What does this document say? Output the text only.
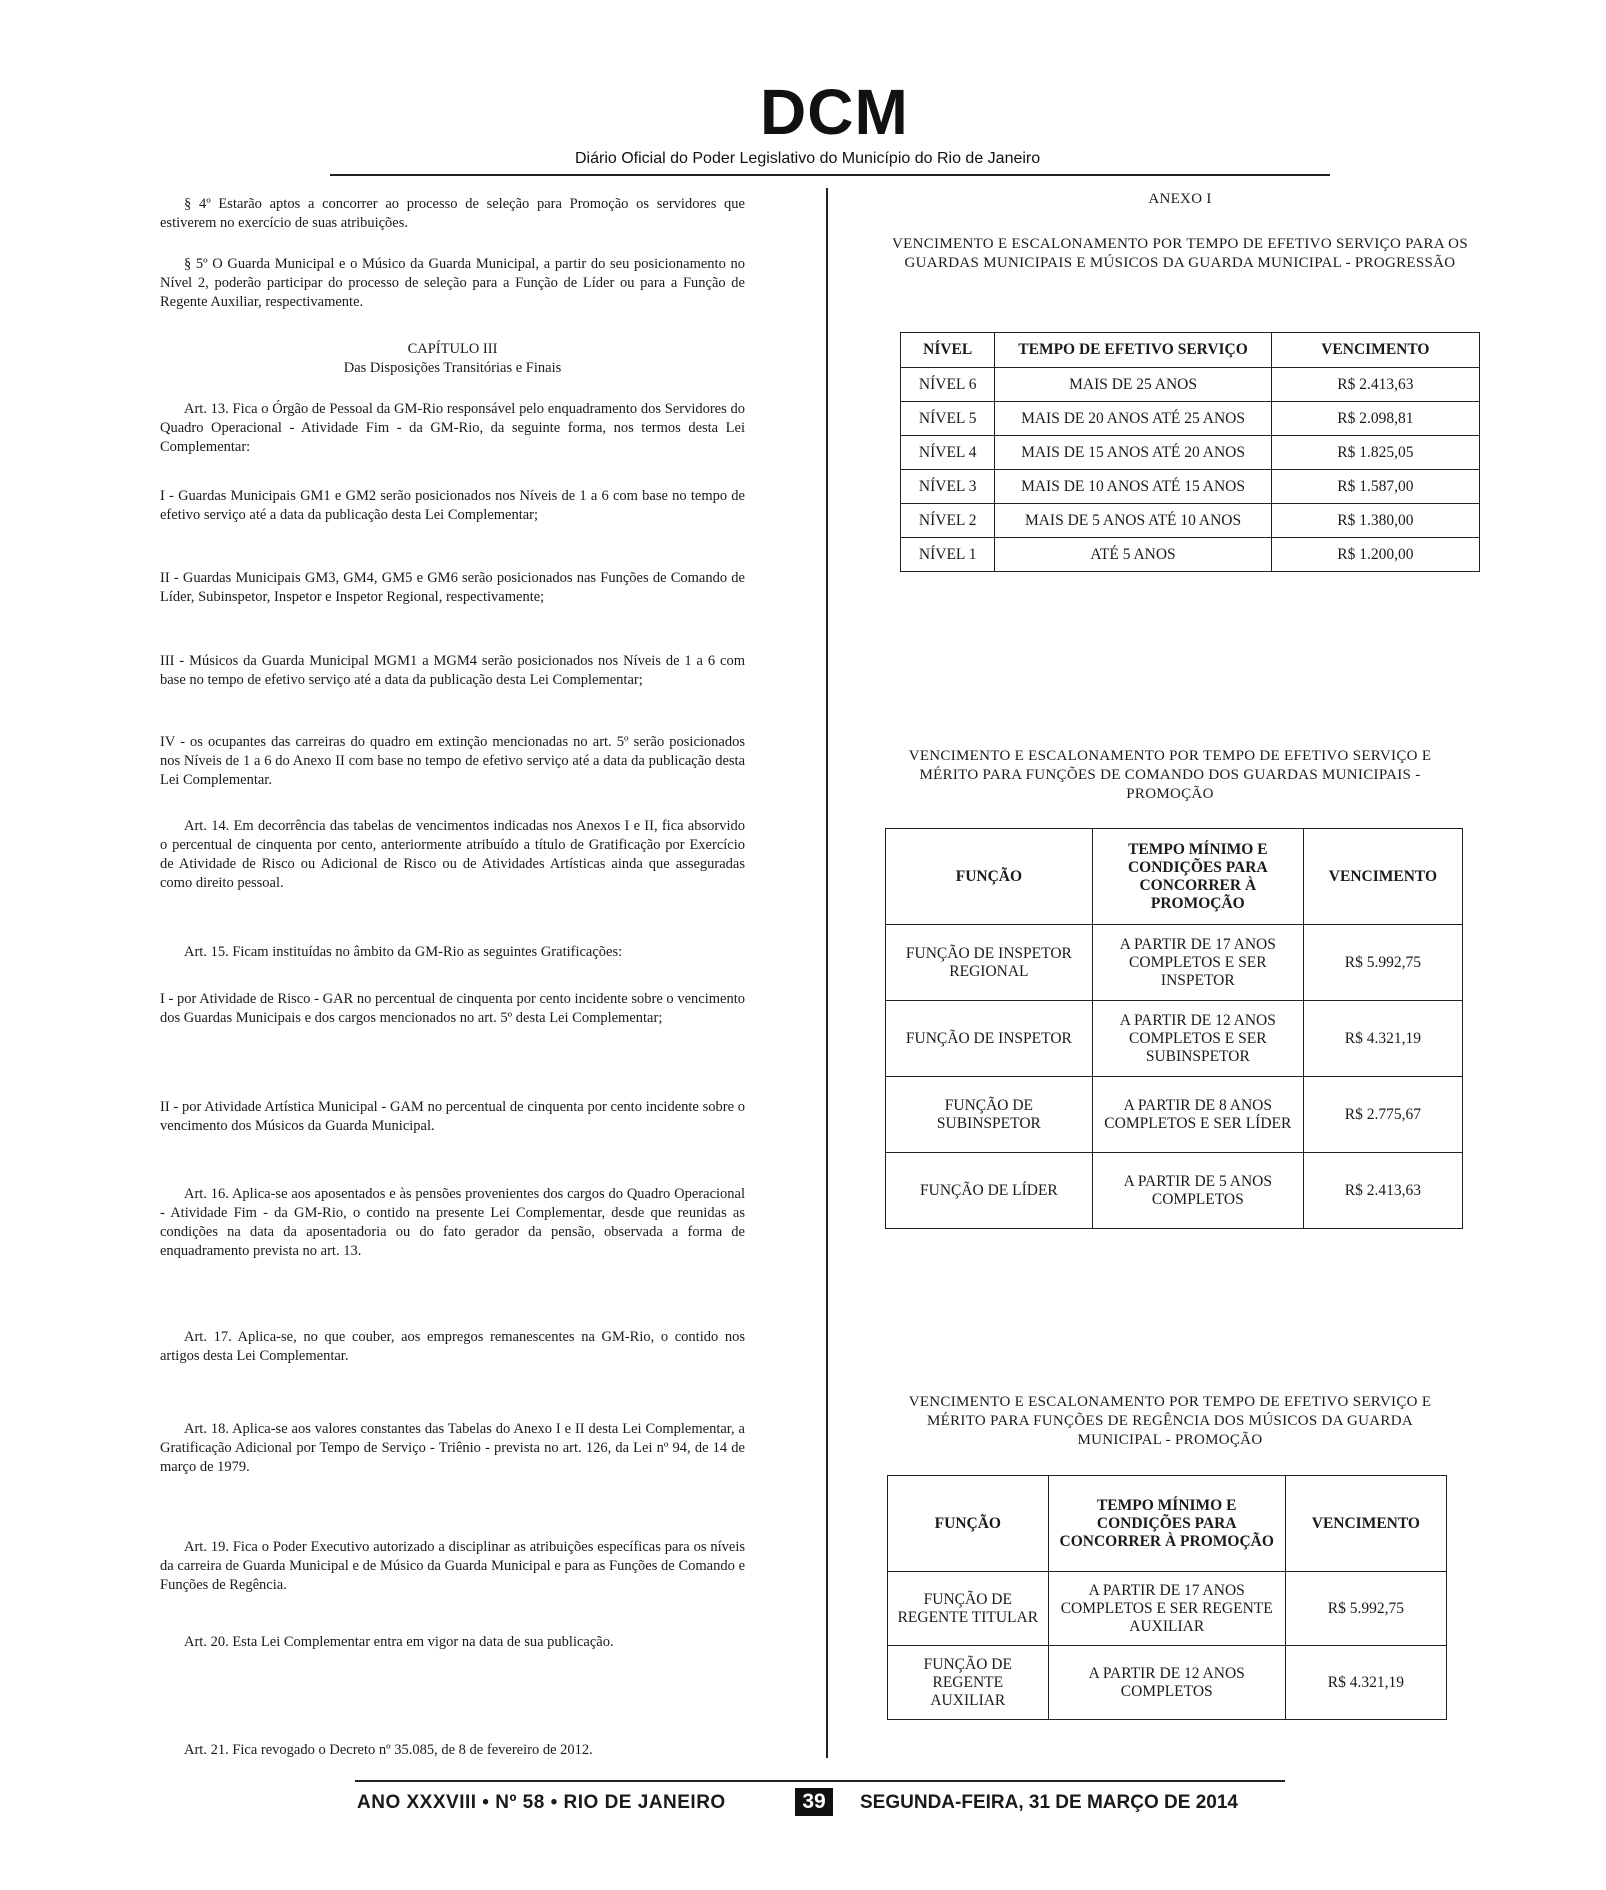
DCM
Diário Oficial do Poder Legislativo do Município do Rio de Janeiro

§ 4º Estarão aptos a concorrer ao processo de seleção para Promoção os servidores que estiverem no exercício de suas atribuições.

§ 5º O Guarda Municipal e o Músico da Guarda Municipal, a partir do seu posicionamento no Nível 2, poderão participar do processo de seleção para a Função de Líder ou para a Função de Regente Auxiliar, respectivamente.

CAPÍTULO III

Das Disposições Transitórias e Finais

Art. 13. Fica o Órgão de Pessoal da GM-Rio responsável pelo enquadramento dos Servidores do Quadro Operacional - Atividade Fim - da GM-Rio, da seguinte forma, nos termos desta Lei Complementar:

I - Guardas Municipais GM1 e GM2 serão posicionados nos Níveis de 1 a 6 com base no tempo de efetivo serviço até a data da publicação desta Lei Complementar;

II - Guardas Municipais GM3, GM4, GM5 e GM6 serão posicionados nas Funções de Comando de Líder, Subinspetor, Inspetor e Inspetor Regional, respectivamente;

III - Músicos da Guarda Municipal MGM1 a MGM4 serão posicionados nos Níveis de 1 a 6 com base no tempo de efetivo serviço até a data da publicação desta Lei Complementar;

IV - os ocupantes das carreiras do quadro em extinção mencionadas no art. 5º serão posicionados nos Níveis de 1 a 6 do Anexo II com base no tempo de efetivo serviço até a data da publicação desta Lei Complementar.

Art. 14. Em decorrência das tabelas de vencimentos indicadas nos Anexos I e II, fica absorvido o percentual de cinquenta por cento, anteriormente atribuído a título de Gratificação por Exercício de Atividade de Risco ou Adicional de Risco ou de Atividades Artísticas ainda que asseguradas como direito pessoal.

Art. 15. Ficam instituídas no âmbito da GM-Rio as seguintes Gratificações:

I - por Atividade de Risco - GAR no percentual de cinquenta por cento incidente sobre o vencimento dos Guardas Municipais e dos cargos mencionados no art. 5º desta Lei Complementar;

II - por Atividade Artística Municipal - GAM no percentual de cinquenta por cento incidente sobre o vencimento dos Músicos da Guarda Municipal.

Art. 16. Aplica-se aos aposentados e às pensões provenientes dos cargos do Quadro Operacional - Atividade Fim - da GM-Rio, o contido na presente Lei Complementar, desde que reunidas as condições na data da aposentadoria ou do fato gerador da pensão, observada a forma de enquadramento prevista no art. 13.

Art. 17. Aplica-se, no que couber, aos empregos remanescentes na GM-Rio, o contido nos artigos desta Lei Complementar.

Art. 18. Aplica-se aos valores constantes das Tabelas do Anexo I e II desta Lei Complementar, a Gratificação Adicional por Tempo de Serviço - Triênio - prevista no art. 126, da Lei nº 94, de 14 de março de 1979.

Art. 19. Fica o Poder Executivo autorizado a disciplinar as atribuições específicas para os níveis da carreira de Guarda Municipal e de Músico da Guarda Municipal e para as Funções de Comando e Funções de Regência.

Art. 20. Esta Lei Complementar entra em vigor na data de sua publicação.

Art. 21. Fica revogado o Decreto nº 35.085, de 8 de fevereiro de 2012.

ANEXO I
VENCIMENTO E ESCALONAMENTO POR TEMPO DE EFETIVO SERVIÇO PARA OS GUARDAS MUNICIPAIS E MÚSICOS DA GUARDA MUNICIPAL - PROGRESSÃO
NÍVEL	TEMPO DE EFETIVO SERVIÇO	VENCIMENTO
NÍVEL 6	MAIS DE 25 ANOS	R$ 2.413,63
NÍVEL 5	MAIS DE 20 ANOS ATÉ 25 ANOS	R$ 2.098,81
NÍVEL 4	MAIS DE 15 ANOS ATÉ 20 ANOS	R$ 1.825,05
NÍVEL 3	MAIS DE 10 ANOS ATÉ 15 ANOS	R$ 1.587,00
NÍVEL 2	MAIS DE 5 ANOS ATÉ 10 ANOS	R$ 1.380,00
NÍVEL 1	ATÉ 5 ANOS	R$ 1.200,00
VENCIMENTO E ESCALONAMENTO POR TEMPO DE EFETIVO SERVIÇO E MÉRITO PARA FUNÇÕES DE COMANDO DOS GUARDAS MUNICIPAIS - PROMOÇÃO
FUNÇÃO	TEMPO MÍNIMO E CONDIÇÕES PARA CONCORRER À PROMOÇÃO	VENCIMENTO
FUNÇÃO DE INSPETOR REGIONAL	A PARTIR DE 17 ANOS COMPLETOS E SER INSPETOR	R$ 5.992,75
FUNÇÃO DE INSPETOR	A PARTIR DE 12 ANOS COMPLETOS E SER SUBINSPETOR	R$ 4.321,19
FUNÇÃO DE SUBINSPETOR	A PARTIR DE 8 ANOS COMPLETOS E SER LÍDER	R$ 2.775,67
FUNÇÃO DE LÍDER	A PARTIR DE 5 ANOS COMPLETOS	R$ 2.413,63
VENCIMENTO E ESCALONAMENTO POR TEMPO DE EFETIVO SERVIÇO E MÉRITO PARA FUNÇÕES DE REGÊNCIA DOS MÚSICOS DA GUARDA MUNICIPAL - PROMOÇÃO
FUNÇÃO	TEMPO MÍNIMO E CONDIÇÕES PARA CONCORRER À PROMOÇÃO	VENCIMENTO
FUNÇÃO DE REGENTE TITULAR	A PARTIR DE 17 ANOS COMPLETOS E SER REGENTE AUXILIAR	R$ 5.992,75
FUNÇÃO DE REGENTE AUXILIAR	A PARTIR DE 12 ANOS COMPLETOS	R$ 4.321,19
ANO XXXVIII • Nº 58 • RIO DE JANEIRO	39	SEGUNDA-FEIRA, 31 DE MARÇO DE 2014
